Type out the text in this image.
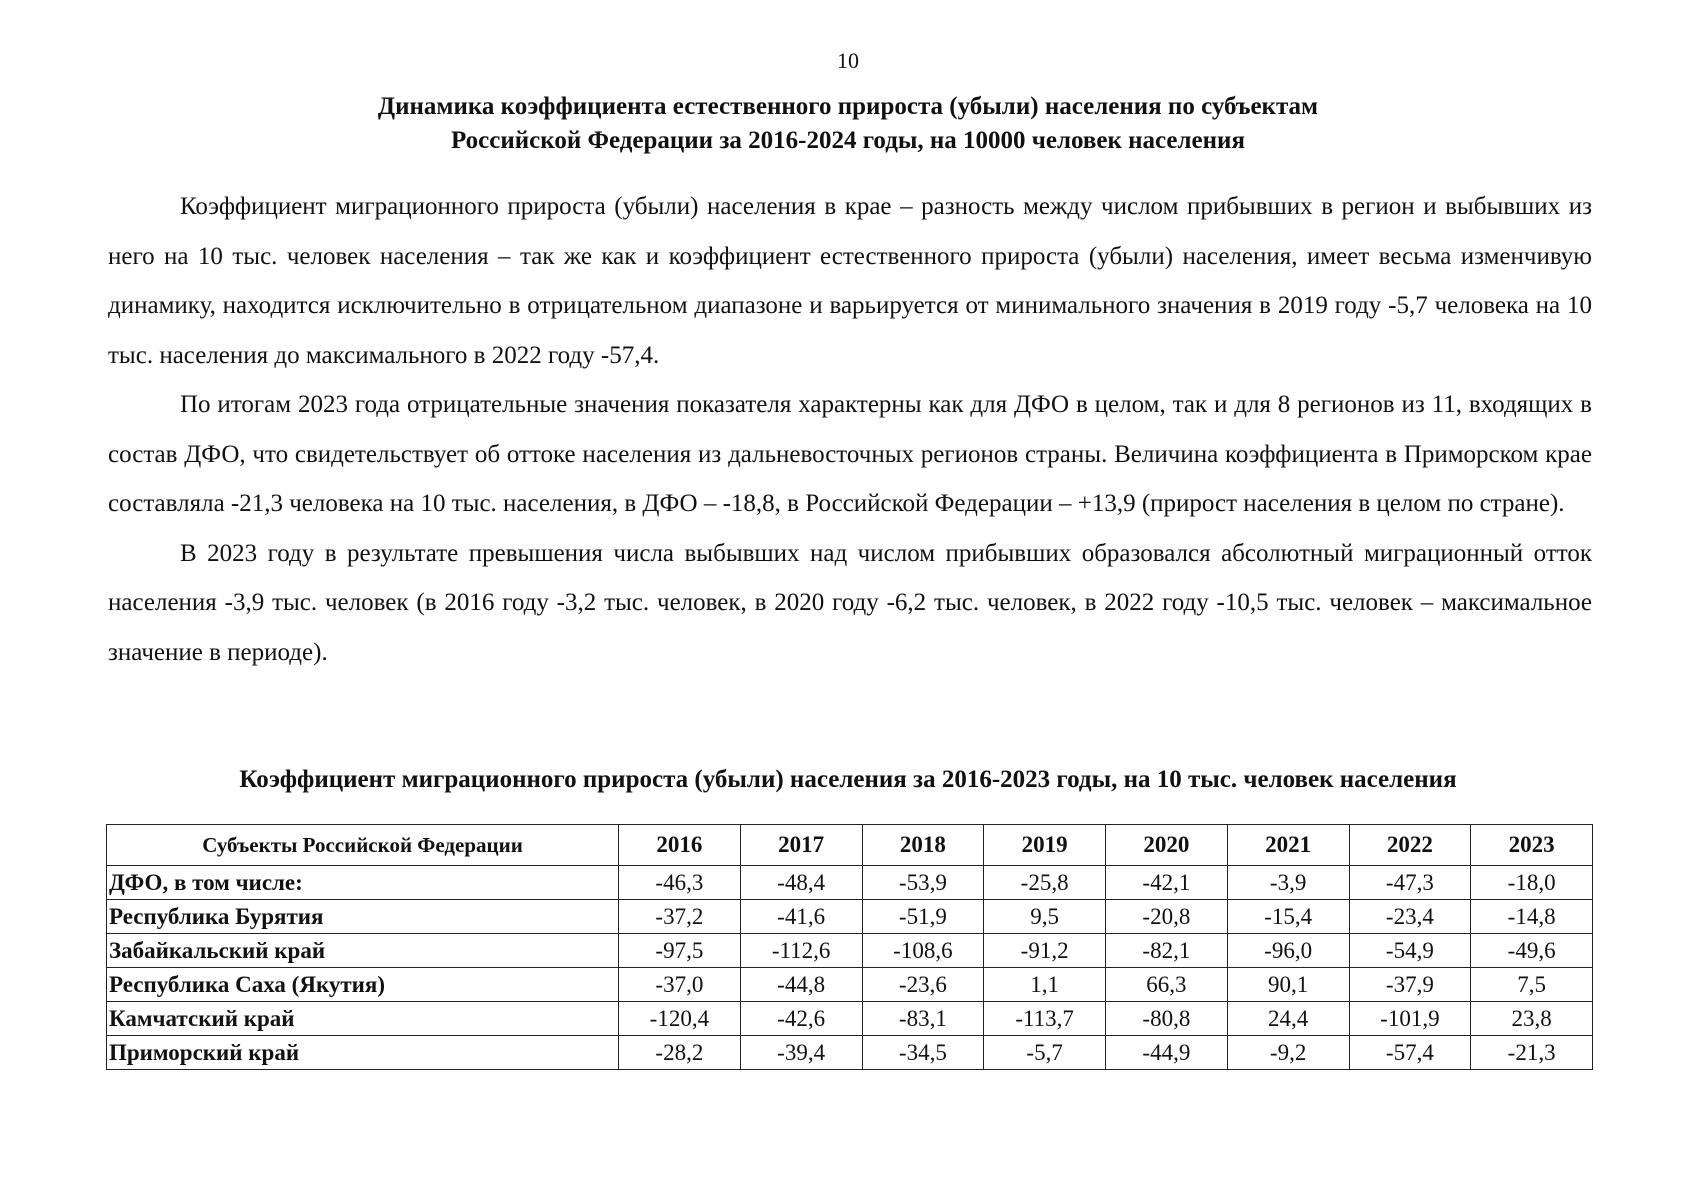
10
Динамика коэффициента естественного прироста (убыли) населения по субъектам
Российской Федерации за 2016-2024 годы, на 10000 человек населения

Коэффициент миграционного прироста (убыли) населения в крае – разность между числом прибывших в регион и выбывших из него на 10 тыс. человек населения – так же как и коэффициент естественного прироста (убыли) населения, имеет весьма изменчивую динамику, находится исключительно в отрицательном диапазоне и варьируется от минимального значения в 2019 году -5,7 человека на 10 тыс. населения до максимального в 2022 году -57,4.

По итогам 2023 года отрицательные значения показателя характерны как для ДФО в целом, так и для 8 регионов из 11, входящих в состав ДФО, что свидетельствует об оттоке населения из дальневосточных регионов страны. Величина коэффициента в Приморском крае составляла -21,3 человека на 10 тыс. населения, в ДФО – -18,8, в Российской Федерации – +13,9 (прирост населения в целом по стране).

В 2023 году в результате превышения числа выбывших над числом прибывших образовался абсолютный миграционный отток населения -3,9 тыс. человек (в 2016 году -3,2 тыс. человек, в 2020 году -6,2 тыс. человек, в 2022 году -10,5 тыс. человек – максимальное значение в периоде).

Коэффициент миграционного прироста (убыли) населения за 2016-2023 годы, на 10 тыс. человек населения
Субъекты Российской Федерации	2016	2017	2018	2019	2020	2021	2022	2023
ДФО, в том числе:	-46,3	-48,4	-53,9	-25,8	-42,1	-3,9	-47,3	-18,0
Республика Бурятия	-37,2	-41,6	-51,9	9,5	-20,8	-15,4	-23,4	-14,8
Забайкальский край	-97,5	-112,6	-108,6	-91,2	-82,1	-96,0	-54,9	-49,6
Республика Саха (Якутия)	-37,0	-44,8	-23,6	1,1	66,3	90,1	-37,9	7,5
Камчатский край	-120,4	-42,6	-83,1	-113,7	-80,8	24,4	-101,9	23,8
Приморский край	-28,2	-39,4	-34,5	-5,7	-44,9	-9,2	-57,4	-21,3
